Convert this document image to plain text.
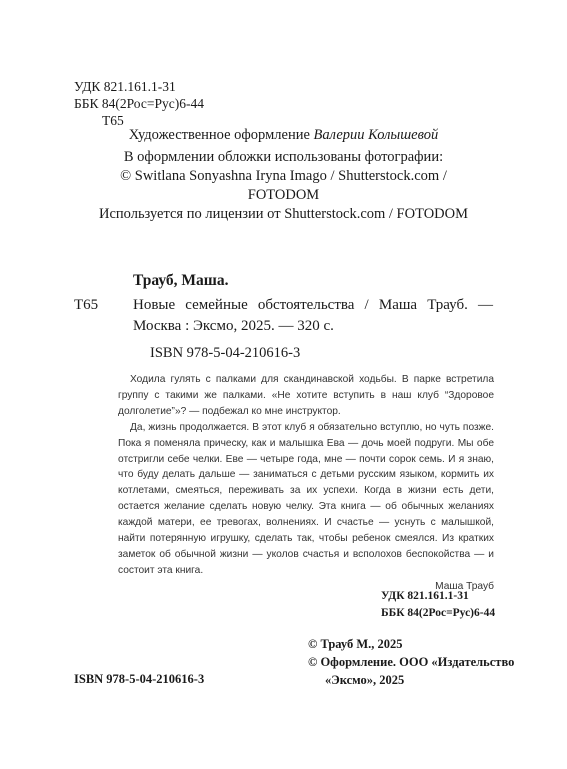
УДК 821.161.1-31
ББК 84(2Рос=Рус)6-44
Т65
Художественное оформление Валерии Колышевой
В оформлении обложки использованы фотографии:
© Switlana Sonyashna Iryna Imago / Shutterstock.com /
FOTODOM
Используется по лицензии от Shutterstock.com / FOTODOM
Трауб, Маша.
Т65 Новые семейные обстоятельства / Маша Трауб. —
Москва : Эксмо, 2025. — 320 с.
ISBN 978-5-04-210616-3

Ходила гулять с палками для скандинавской ходьбы. В парке встретила группу с такими же палками. «Не хотите вступить в наш клуб “Здоровое долголетие”»? — подбежал ко мне инструктор.

Да, жизнь продолжается. В этот клуб я обязательно вступлю, но чуть позже. Пока я поменяла прическу, как и малышка Ева — дочь моей подруги. Мы обе отстригли себе челки. Еве — четыре года, мне — почти сорок семь. И я знаю, что буду делать дальше — заниматься с детьми русским языком, кормить их котлетами, смеяться, переживать за их успехи. Когда в жизни есть дети, остается желание сделать новую челку. Эта книга — об обычных желаниях каждой матери, ее тревогах, волнениях. И счастье — уснуть с малышкой, найти потерянную игрушку, сделать так, чтобы ребенок смеялся. Из кратких заметок об обычной жизни — уколов счастья и всполохов беспокойства — и состоит эта книга.

Маша Трауб

УДК 821.161.1-31
ББК 84(2Рос=Рус)6-44
© Трауб М., 2025
© Оформление. ООО «Издательство
«Эксмо», 2025
ISBN 978-5-04-210616-3
